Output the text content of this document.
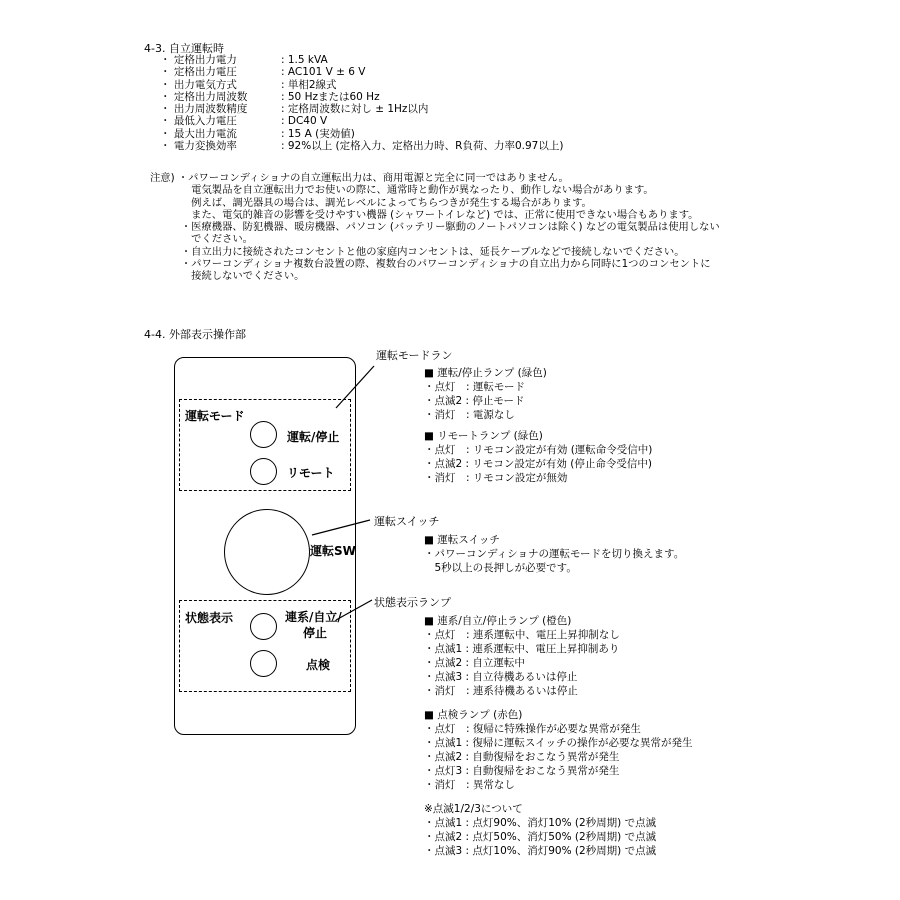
4-3. 自立運転時
・ 定格出力電力	: 1.5 kVA
・ 定格出力電圧	: AC101 V ± 6 V
・ 出力電気方式	: 単相2線式
・ 定格出力周波数	: 50 Hzまたは60 Hz
・ 出力周波数精度	: 定格周波数に対し ± 1Hz以内
・ 最低入力電圧	: DC40 V
・ 最大出力電流	: 15 A (実効値)
・ 電力変換効率	: 92%以上 (定格入力、定格出力時、R負荷、力率0.97以上)
注意) ・パワーコンディショナの自立運転出力は、商用電源と完全に同一ではありません。
　　　　電気製品を自立運転出力でお使いの際に、通常時と動作が異なったり、動作しない場合があります。
　　　　例えば、調光器具の場合は、調光レベルによってちらつきが発生する場合があります。
　　　　また、電気的雑音の影響を受けやすい機器 (シャワートイレなど) では、正常に使用できない場合もあります。
　　　・医療機器、防犯機器、暖房機器、パソコン (バッテリー駆動のノートパソコンは除く) などの電気製品は使用しない
　　　　でください。
　　　・自立出力に接続されたコンセントと他の家庭内コンセントは、延長ケーブルなどで接続しないでください。
　　　・パワーコンディショナ複数台設置の際、複数台のパワーコンディショナの自立出力から同時に1つのコンセントに
　　　　接続しないでください。
4-4. 外部表示操作部
運転モード
運転/停止
リモート
運転SW
状態表示	連系/自立/
停止
点検
運転モードラン
運転スイッチ
状態表示ランプ
■ 運転/停止ランプ (緑色)
・点灯　: 運転モード
・点滅2 : 停止モード
・消灯　: 電源なし
■ リモートランプ (緑色)
・点灯　: リモコン設定が有効 (運転命令受信中)
・点滅2 : リモコン設定が有効 (停止命令受信中)
・消灯　: リモコン設定が無効
■ 運転スイッチ
・パワーコンディショナの運転モードを切り換えます。
　5秒以上の長押しが必要です。
■ 連系/自立/停止ランプ (橙色)
・点灯　: 連系運転中、電圧上昇抑制なし
・点滅1 : 連系運転中、電圧上昇抑制あり
・点滅2 : 自立運転中
・点滅3 : 自立待機あるいは停止
・消灯　: 連系待機あるいは停止
■ 点検ランプ (赤色)
・点灯　: 復帰に特殊操作が必要な異常が発生
・点滅1 : 復帰に運転スイッチの操作が必要な異常が発生
・点滅2 : 自動復帰をおこなう異常が発生
・点灯3 : 自動復帰をおこなう異常が発生
・消灯　: 異常なし
※点滅1/2/3について
・点滅1 : 点灯90%、消灯10% (2秒周期) で点滅
・点滅2 : 点灯50%、消灯50% (2秒周期) で点滅
・点滅3 : 点灯10%、消灯90% (2秒周期) で点滅
